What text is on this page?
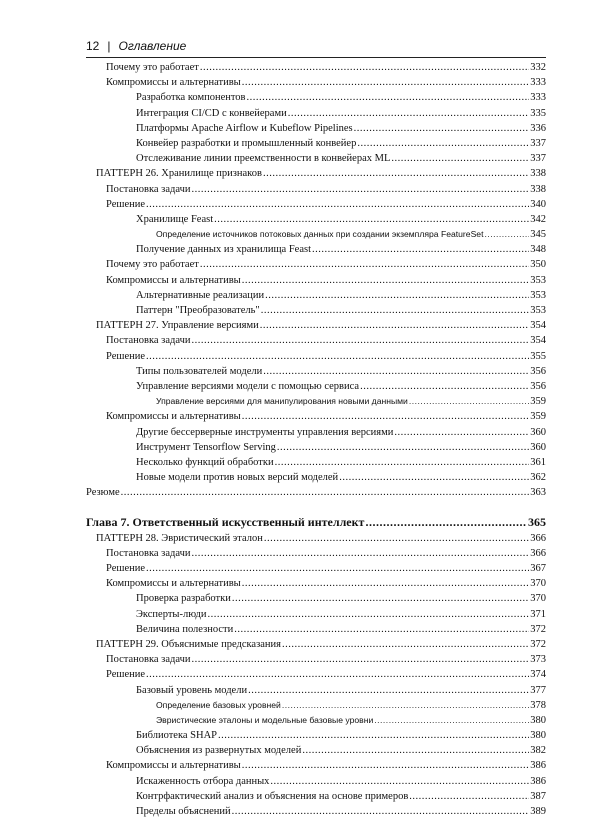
12 | Оглавление
Почему это работает .....	332
Компромиссы и альтернативы .....	333
Разработка компонентов .....	333
Интеграция CI/CD с конвейерами .....	335
Платформы Apache Airflow и Kubeflow Pipelines .....	336
Конвейер разработки и промышленный конвейер .....	337
Отслеживание линии преемственности в конвейерах ML .....	337
ПАТТЕРН 26. Хранилище признаков .....	338
Постановка задачи .....	338
Решение .....	340
Хранилище Feast .....	342
Определение источников потоковых данных при создании экземпляра FeatureSet .....	345
Получение данных из хранилища Feast .....	348
Почему это работает .....	350
Компромиссы и альтернативы .....	353
Альтернативные реализации .....	353
Паттерн "Преобразователь" .....	353
ПАТТЕРН 27. Управление версиями .....	354
Постановка задачи .....	354
Решение .....	355
Типы пользователей модели .....	356
Управление версиями модели с помощью сервиса .....	356
Управление версиями для манипулирования новыми данными .....	359
Компромиссы и альтернативы .....	359
Другие бессерверные инструменты управления версиями .....	360
Инструмент Tensorflow Serving .....	360
Несколько функций обработки .....	361
Новые модели против новых версий моделей .....	362
Резюме .....	363
Глава 7. Ответственный искусственный интеллект .....	365
ПАТТЕРН 28. Эвристический эталон .....	366
Постановка задачи .....	366
Решение .....	367
Компромиссы и альтернативы .....	370
Проверка разработки .....	370
Эксперты-люди .....	371
Величина полезности .....	372
ПАТТЕРН 29. Объяснимые предсказания .....	372
Постановка задачи .....	373
Решение .....	374
Базовый уровень модели .....	377
Определение базовых уровней .....	378
Эвристические эталоны и модельные базовые уровни .....	380
Библиотека SHAP .....	380
Объяснения из развернутых моделей .....	382
Компромиссы и альтернативы .....	386
Искаженность отбора данных .....	386
Контрфактический анализ и объяснения на основе примеров .....	387
Пределы объяснений .....	389
